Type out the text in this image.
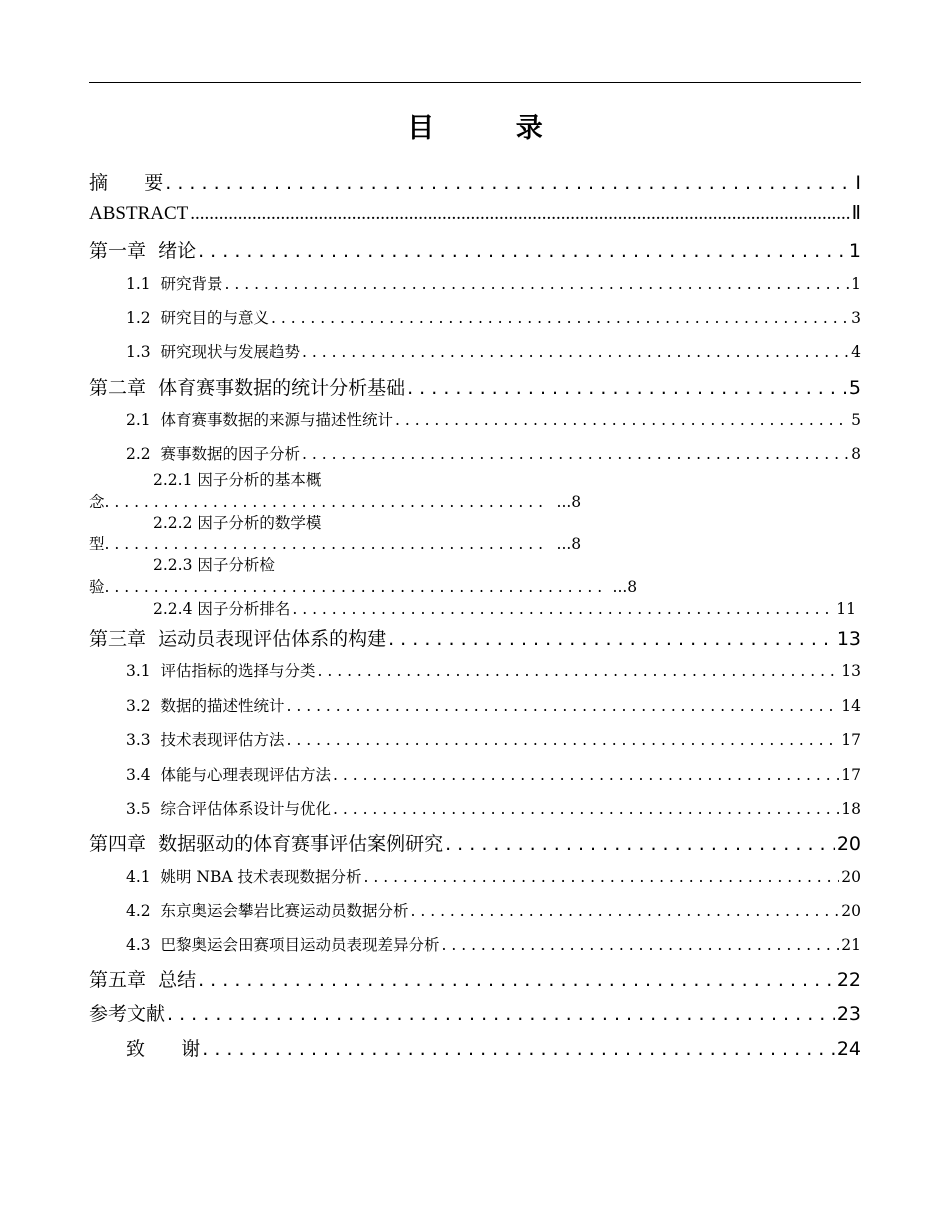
目 录
摘      要 . . .	Ⅰ
ABSTRACT .....	Ⅱ
第一章  绪论 . . .	1
1.1  研究背景 . . .	1
1.2  研究目的与意义 . . .	3
1.3  研究现状与发展趋势 . . .	4
第二章  体育赛事数据的统计分析基础 . . .	5
2.1  体育赛事数据的来源与描述性统计 . . .	5
2.2  赛事数据的因子分析 . . .	8
2.2.1 因子分析的基本概
念 . . .	...8
2.2.2 因子分析的数学模
型 . . .	...8
2.2.3 因子分析检
验 . . .	...8
2.2.4 因子分析排名 . . .	11
第三章  运动员表现评估体系的构建 . . .	13
3.1  评估指标的选择与分类 . . .	13
3.2  数据的描述性统计 . . .	14
3.3  技术表现评估方法 . . .	17
3.4  体能与心理表现评估方法 . . .	17
3.5  综合评估体系设计与优化 . . .	18
第四章  数据驱动的体育赛事评估案例研究 . . .	20
4.1  姚明 NBA 技术表现数据分析 . . .	20
4.2  东京奥运会攀岩比赛运动员数据分析 . . .	20
4.3  巴黎奥运会田赛项目运动员表现差异分析 . . .	21
第五章  总结 . . .	22
参考文献 . . .	23
致      谢 . . .	24
